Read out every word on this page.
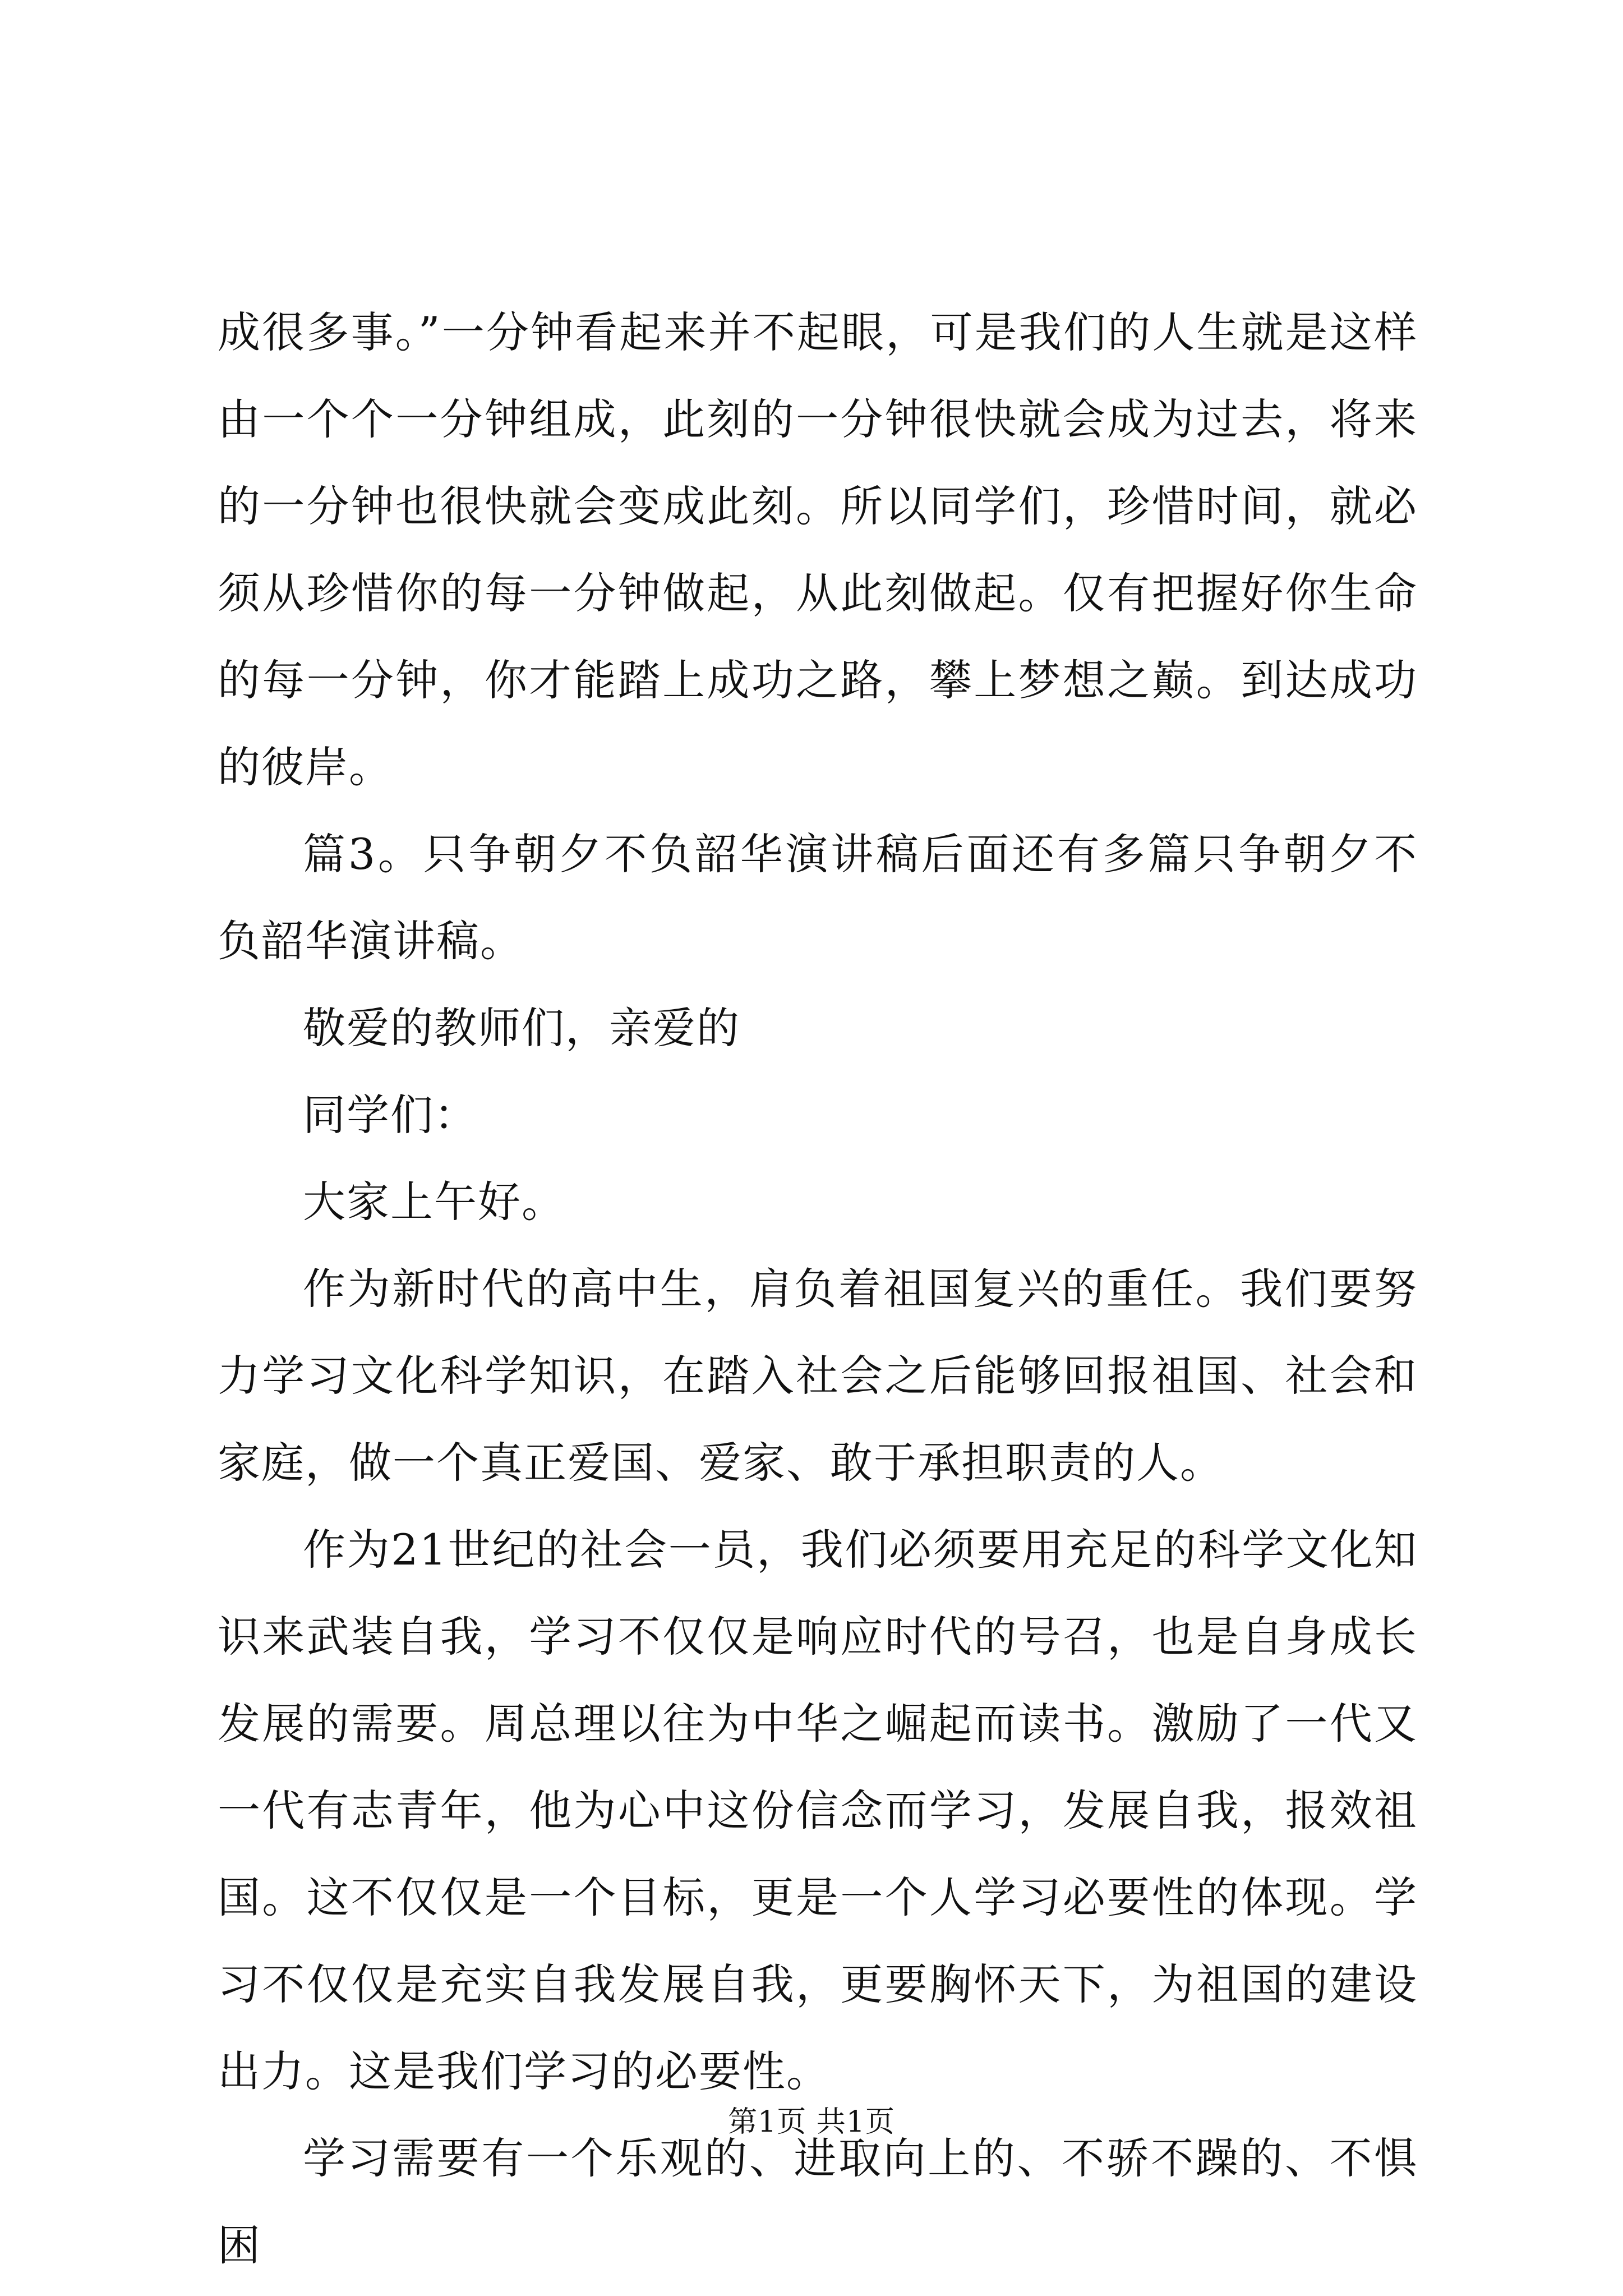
成很多事。”一分钟看起来并不起眼，可是我们的人生就是这样由一个个一分钟组成，此刻的一分钟很快就会成为过去，将来的一分钟也很快就会变成此刻。所以同学们，珍惜时间，就必须从珍惜你的每一分钟做起，从此刻做起。仅有把握好你生命的每一分钟，你才能踏上成功之路，攀上梦想之巅。到达成功的彼岸。

篇3。只争朝夕不负韶华演讲稿后面还有多篇只争朝夕不负韶华演讲稿。

敬爱的教师们，亲爱的

同学们：

大家上午好。

作为新时代的高中生，肩负着祖国复兴的重任。我们要努力学习文化科学知识，在踏入社会之后能够回报祖国、社会和家庭，做一个真正爱国、爱家、敢于承担职责的人。

作为21世纪的社会一员，我们必须要用充足的科学文化知识来武装自我，学习不仅仅是响应时代的号召，也是自身成长发展的需要。周总理以往为中华之崛起而读书。激励了一代又一代有志青年，他为心中这份信念而学习，发展自我，报效祖国。这不仅仅是一个目标，更是一个人学习必要性的体现。学习不仅仅是充实自我发展自我，更要胸怀天下，为祖国的建设出力。这是我们学习的必要性。

学习需要有一个乐观的、进取向上的、不骄不躁的、不惧困

第1页 共1页
